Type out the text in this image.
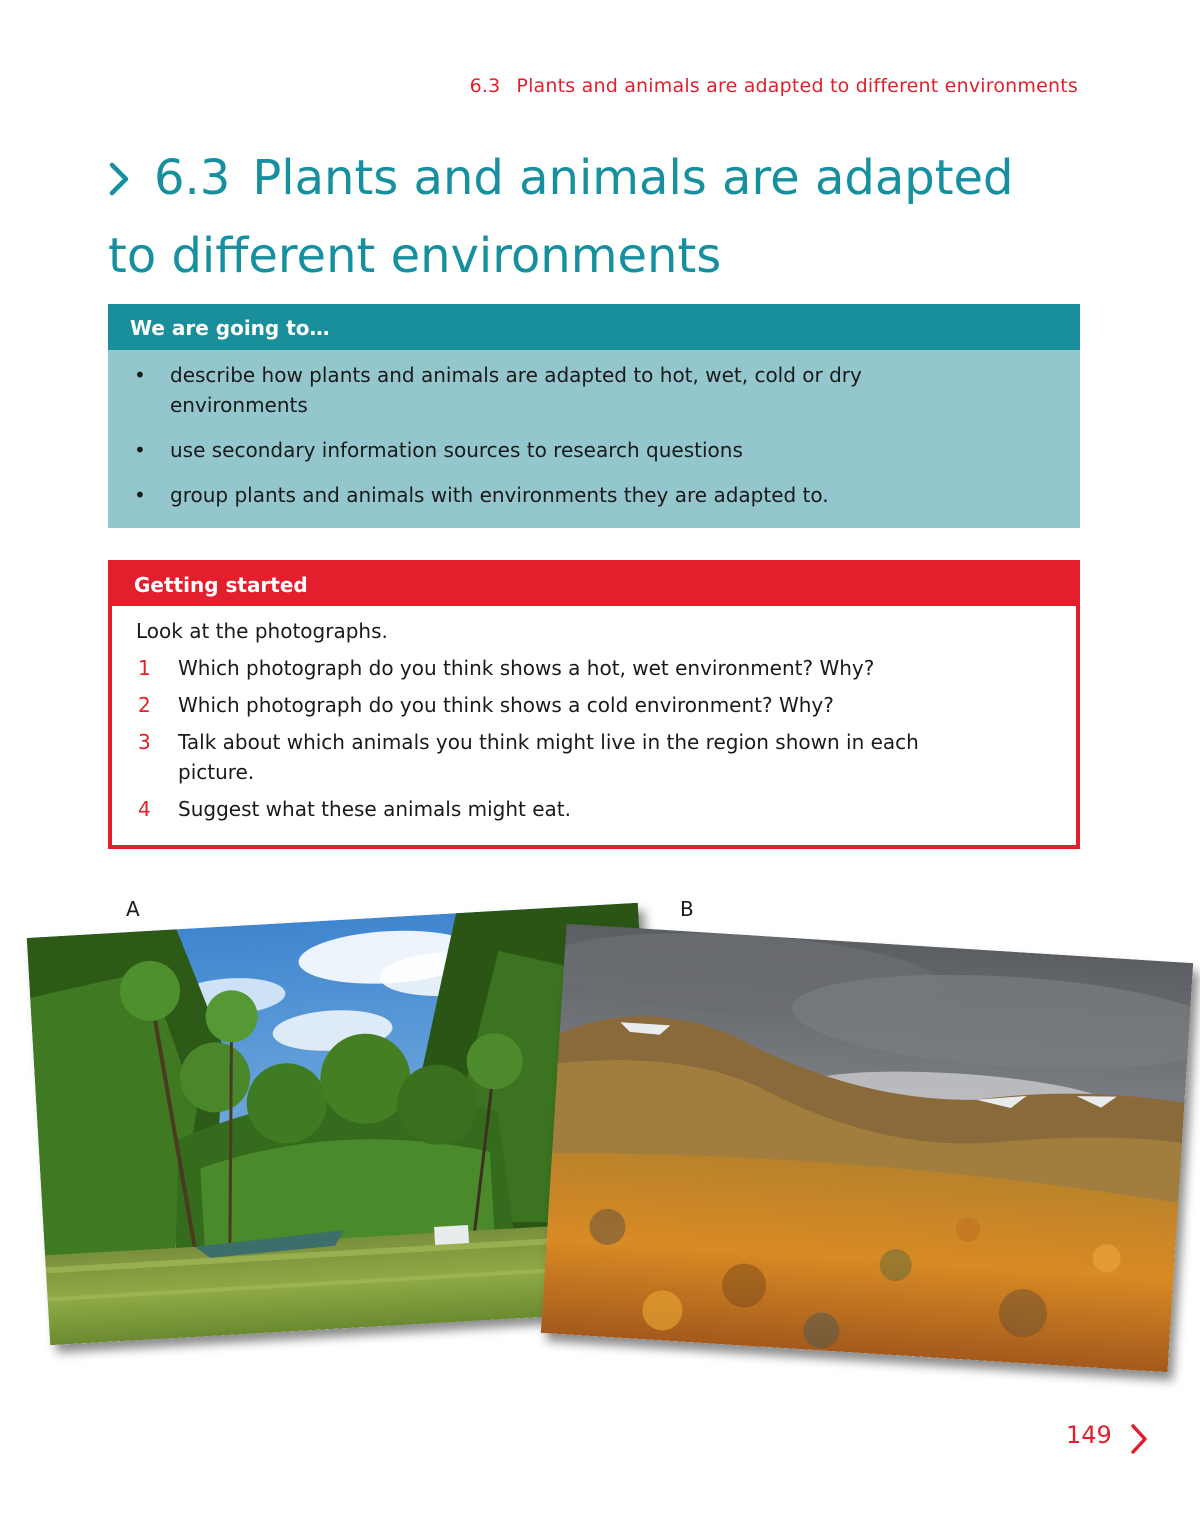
6.3 Plants and animals are adapted to different environments
6.3 Plants and animals are adapted
to different environments
We are going to…
• describe how plants and animals are adapted to hot, wet, cold or dry environments
• use secondary information sources to research questions
• group plants and animals with environments they are adapted to.
Getting started
Look at the photographs.
1 Which photograph do you think shows a hot, wet environment? Why?
2 Which photograph do you think shows a cold environment? Why?
3 Talk about which animals you think might live in the region shown in each picture.
4 Suggest what these animals might eat.
A	B
149
